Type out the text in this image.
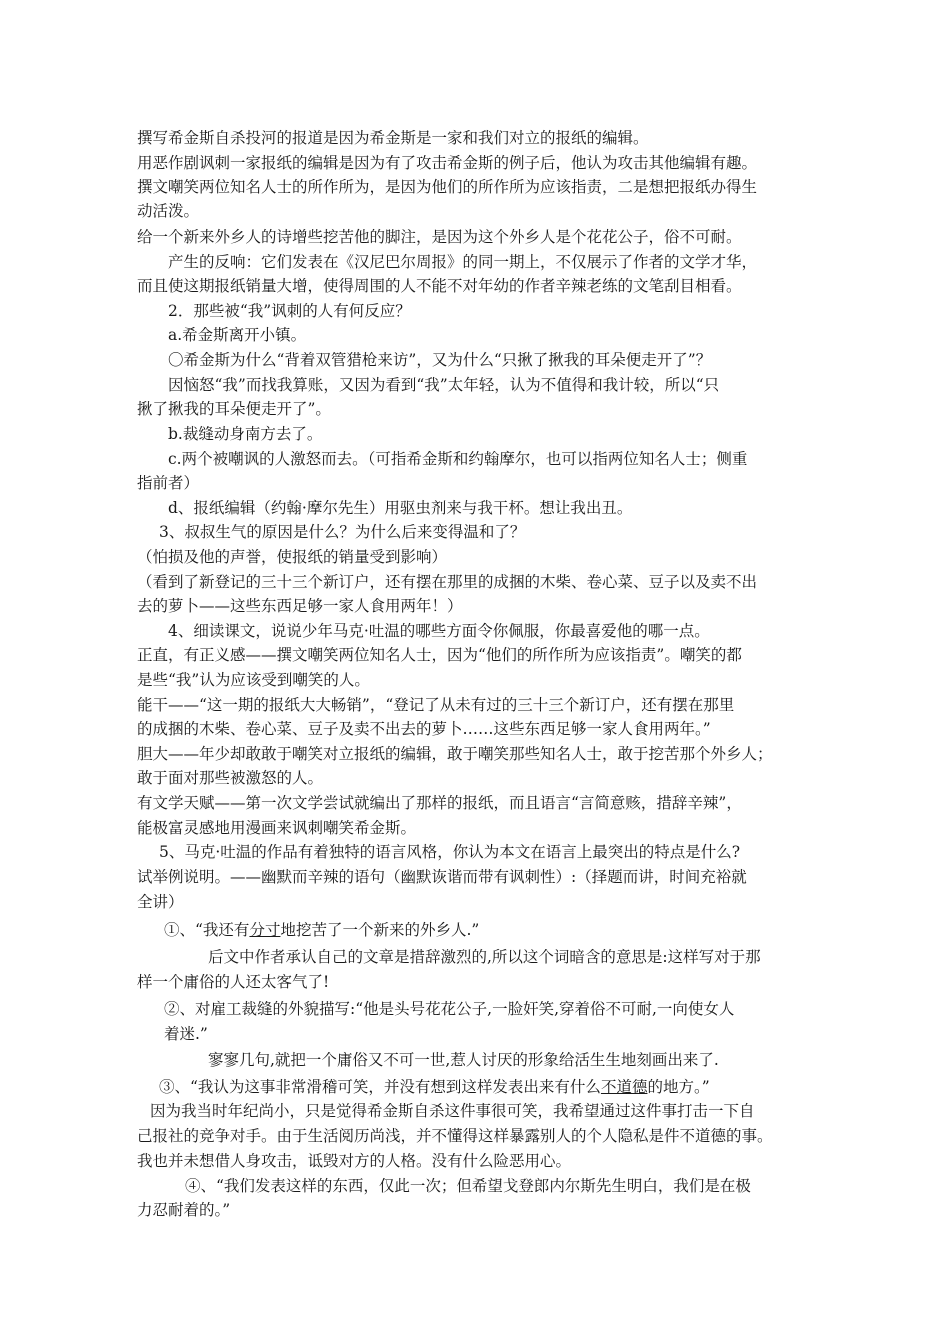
撰写希金斯自杀投河的报道是因为希金斯是一家和我们对立的报纸的编辑。
用恶作剧讽刺一家报纸的编辑是因为有了攻击希金斯的例子后，他认为攻击其他编辑有趣。
撰文嘲笑两位知名人士的所作所为，是因为他们的所作所为应该指责，二是想把报纸办得生
动活泼。
给一个新来外乡人的诗增些挖苦他的脚注，是因为这个外乡人是个花花公子，俗不可耐。
产生的反响：它们发表在《汉尼巴尔周报》的同一期上，不仅展示了作者的文学才华，
而且使这期报纸销量大增，使得周围的人不能不对年幼的作者辛辣老练的文笔刮目相看。
2．那些被“我”讽刺的人有何反应？
a.希金斯离开小镇。
〇希金斯为什么“背着双管猎枪来访”，又为什么“只揪了揪我的耳朵便走开了”？
因恼怒“我”而找我算账，又因为看到“我”太年轻，认为不值得和我计较，所以“只
揪了揪我的耳朵便走开了”。
b.裁缝动身南方去了。
c.两个被嘲讽的人激怒而去。（可指希金斯和约翰摩尔，也可以指两位知名人士；侧重
指前者）
d、报纸编辑（约翰·摩尔先生）用驱虫剂来与我干杯。想让我出丑。
3、叔叔生气的原因是什么？为什么后来变得温和了？
（怕损及他的声誉，使报纸的销量受到影响）
（看到了新登记的三十三个新订户，还有摆在那里的成捆的木柴、卷心菜、豆子以及卖不出
去的萝卜——这些东西足够一家人食用两年！）
4、细读课文，说说少年马克·吐温的哪些方面令你佩服，你最喜爱他的哪一点。
正直，有正义感——撰文嘲笑两位知名人士，因为“他们的所作所为应该指责”。嘲笑的都
是些“我”认为应该受到嘲笑的人。
能干——“这一期的报纸大大畅销”，“登记了从未有过的三十三个新订户，还有摆在那里
的成捆的木柴、卷心菜、豆子及卖不出去的萝卜……这些东西足够一家人食用两年。”
胆大——年少却敢敢于嘲笑对立报纸的编辑，敢于嘲笑那些知名人士，敢于挖苦那个外乡人；
敢于面对那些被激怒的人。
有文学天赋——第一次文学尝试就编出了那样的报纸，而且语言“言简意赅，措辞辛辣”，
能极富灵感地用漫画来讽刺嘲笑希金斯。
5、马克·吐温的作品有着独特的语言风格，你认为本文在语言上最突出的特点是什么?
试举例说明。——幽默而辛辣的语句（幽默诙谐而带有讽刺性）:（择题而讲，时间充裕就
全讲）
①、“我还有分寸地挖苦了一个新来的外乡人.”
后文中作者承认自己的文章是措辞激烈的,所以这个词暗含的意思是:这样写对于那
样一个庸俗的人还太客气了!
②、对雇工裁缝的外貌描写:“他是头号花花公子,一脸奸笑,穿着俗不可耐,一向使女人
着迷.”
寥寥几句,就把一个庸俗又不可一世,惹人讨厌的形象给活生生地刻画出来了.
③、“我认为这事非常滑稽可笑，并没有想到这样发表出来有什么不道德的地方。”
因为我当时年纪尚小，只是觉得希金斯自杀这件事很可笑，我希望通过这件事打击一下自
己报社的竞争对手。由于生活阅历尚浅，并不懂得这样暴露别人的个人隐私是件不道德的事。
我也并未想借人身攻击，诋毁对方的人格。没有什么险恶用心。
④、“我们发表这样的东西，仅此一次；但希望戈登郎内尔斯先生明白，我们是在极
力忍耐着的。”
